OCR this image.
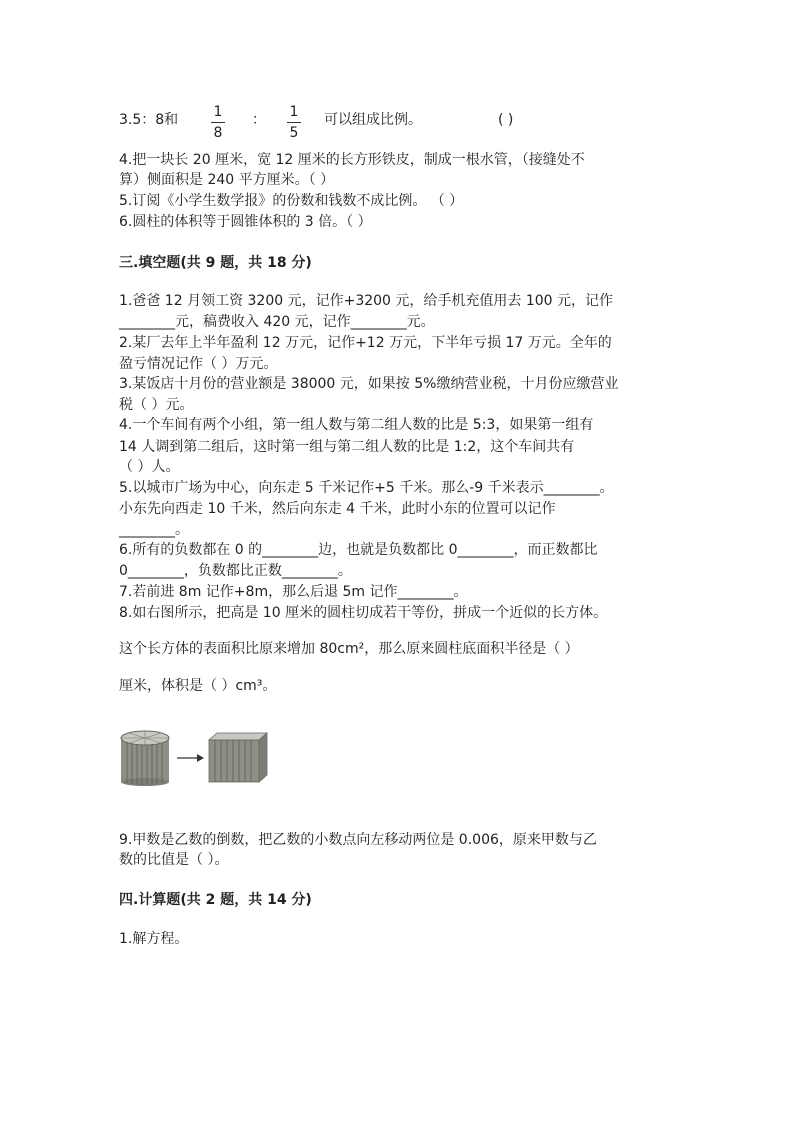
3.5：8和	1
8
： 1
5
可以组成比例。	( )
4.把一块长 20 厘米，宽 12 厘米的长方形铁皮，制成一根水管，（接缝处不
算）侧面积是 240 平方厘米。（ ）
5.订阅《小学生数学报》的份数和钱数不成比例。 （ ）
6.圆柱的体积等于圆锥体积的 3 倍。（ ）
三.填空题(共 9 题，共 18 分)
1.爸爸 12 月领工资 3200 元，记作+3200 元，给手机充值用去 100 元，记作
________元，稿费收入 420 元，记作________元。
2.某厂去年上半年盈利 12 万元，记作+12 万元，下半年亏损 17 万元。全年的
盈亏情况记作（ ）万元。
3.某饭店十月份的营业额是 38000 元，如果按 5%缴纳营业税，十月份应缴营业
税（ ）元。
4.一个车间有两个小组，第一组人数与第二组人数的比是 5:3，如果第一组有
14 人调到第二组后，这时第一组与第二组人数的比是 1:2，这个车间共有
（ ）人。
5.以城市广场为中心，向东走 5 千米记作+5 千米。那么-9 千米表示________。
小东先向西走 10 千米，然后向东走 4 千米，此时小东的位置可以记作
________。
6.所有的负数都在 0 的________边，也就是负数都比 0________，而正数都比
0________，负数都比正数________。
7.若前进 8m 记作+8m，那么后退 5m 记作________。
8.如右图所示，把高是 10 厘米的圆柱切成若干等份，拼成一个近似的长方体。
这个长方体的表面积比原来增加 80cm²，那么原来圆柱底面积半径是（ ）
厘米，体积是（ ）cm³。
9.甲数是乙数的倒数，把乙数的小数点向左移动两位是 0.006，原来甲数与乙
数的比值是（ ）。
四.计算题(共 2 题，共 14 分)
1.解方程。
